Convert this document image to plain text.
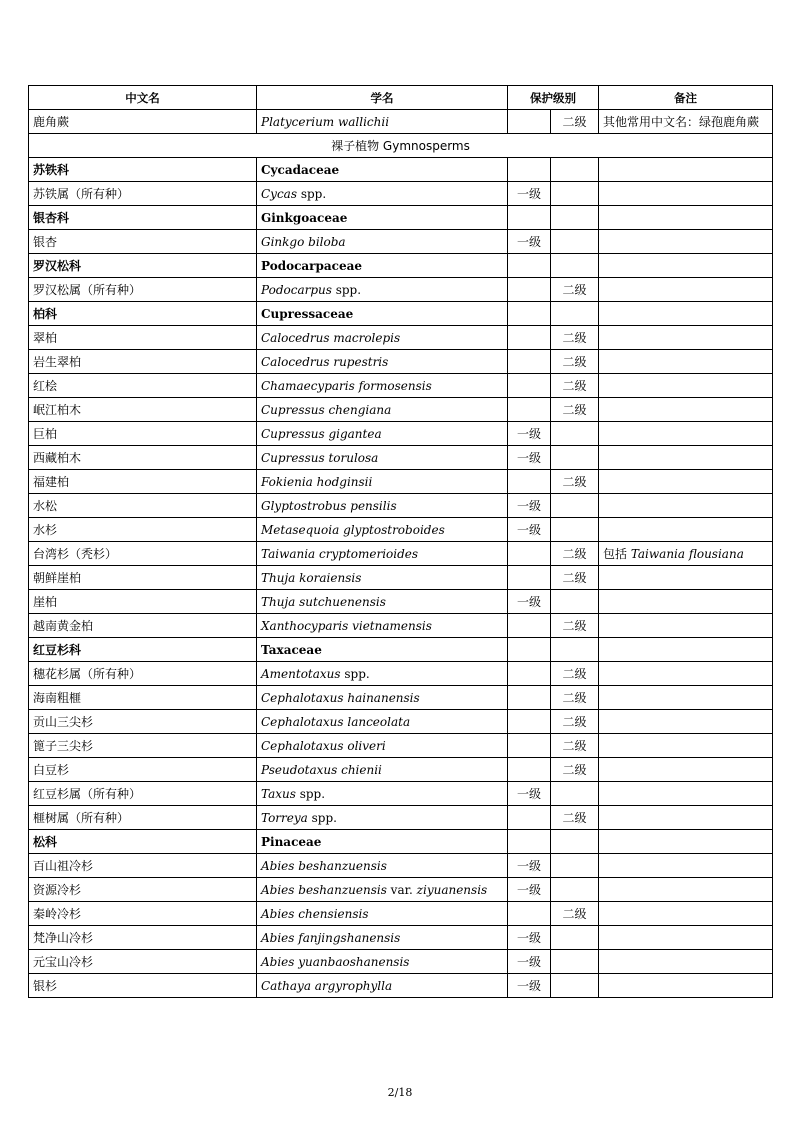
中文名	学名	保护级别		备注
鹿角蕨	Platycerium wallichii		二级	其他常用中文名：绿孢鹿角蕨
裸子植物 Gymnosperms				
苏铁科	Cycadaceae			
苏铁属（所有种）	Cycas spp.	一级		
银杏科	Ginkgoaceae			
银杏	Ginkgo biloba	一级		
罗汉松科	Podocarpaceae			
罗汉松属（所有种）	Podocarpus spp.		二级	
柏科	Cupressaceae			
翠柏	Calocedrus macrolepis		二级	
岩生翠柏	Calocedrus rupestris		二级	
红桧	Chamaecyparis formosensis		二级	
岷江柏木	Cupressus chengiana		二级	
巨柏	Cupressus gigantea	一级		
西藏柏木	Cupressus torulosa	一级		
福建柏	Fokienia hodginsii		二级	
水松	Glyptostrobus pensilis	一级		
水杉	Metasequoia glyptostroboides	一级		
台湾杉（秃杉）	Taiwania cryptomerioides		二级	包括 Taiwania flousiana
朝鲜崖柏	Thuja koraiensis		二级	
崖柏	Thuja sutchuenensis	一级		
越南黄金柏	Xanthocyparis vietnamensis		二级	
红豆杉科	Taxaceae			
穗花杉属（所有种）	Amentotaxus spp.		二级	
海南粗榧	Cephalotaxus hainanensis		二级	
贡山三尖杉	Cephalotaxus lanceolata		二级	
篦子三尖杉	Cephalotaxus oliveri		二级	
白豆杉	Pseudotaxus chienii		二级	
红豆杉属（所有种）	Taxus spp.	一级		
榧树属（所有种）	Torreya spp.		二级	
松科	Pinaceae			
百山祖冷杉	Abies beshanzuensis	一级		
资源冷杉	Abies beshanzuensis var. ziyuanensis	一级		
秦岭冷杉	Abies chensiensis		二级	
梵净山冷杉	Abies fanjingshanensis	一级		
元宝山冷杉	Abies yuanbaoshanensis	一级		
银杉	Cathaya argyrophylla	一级		
2/18
